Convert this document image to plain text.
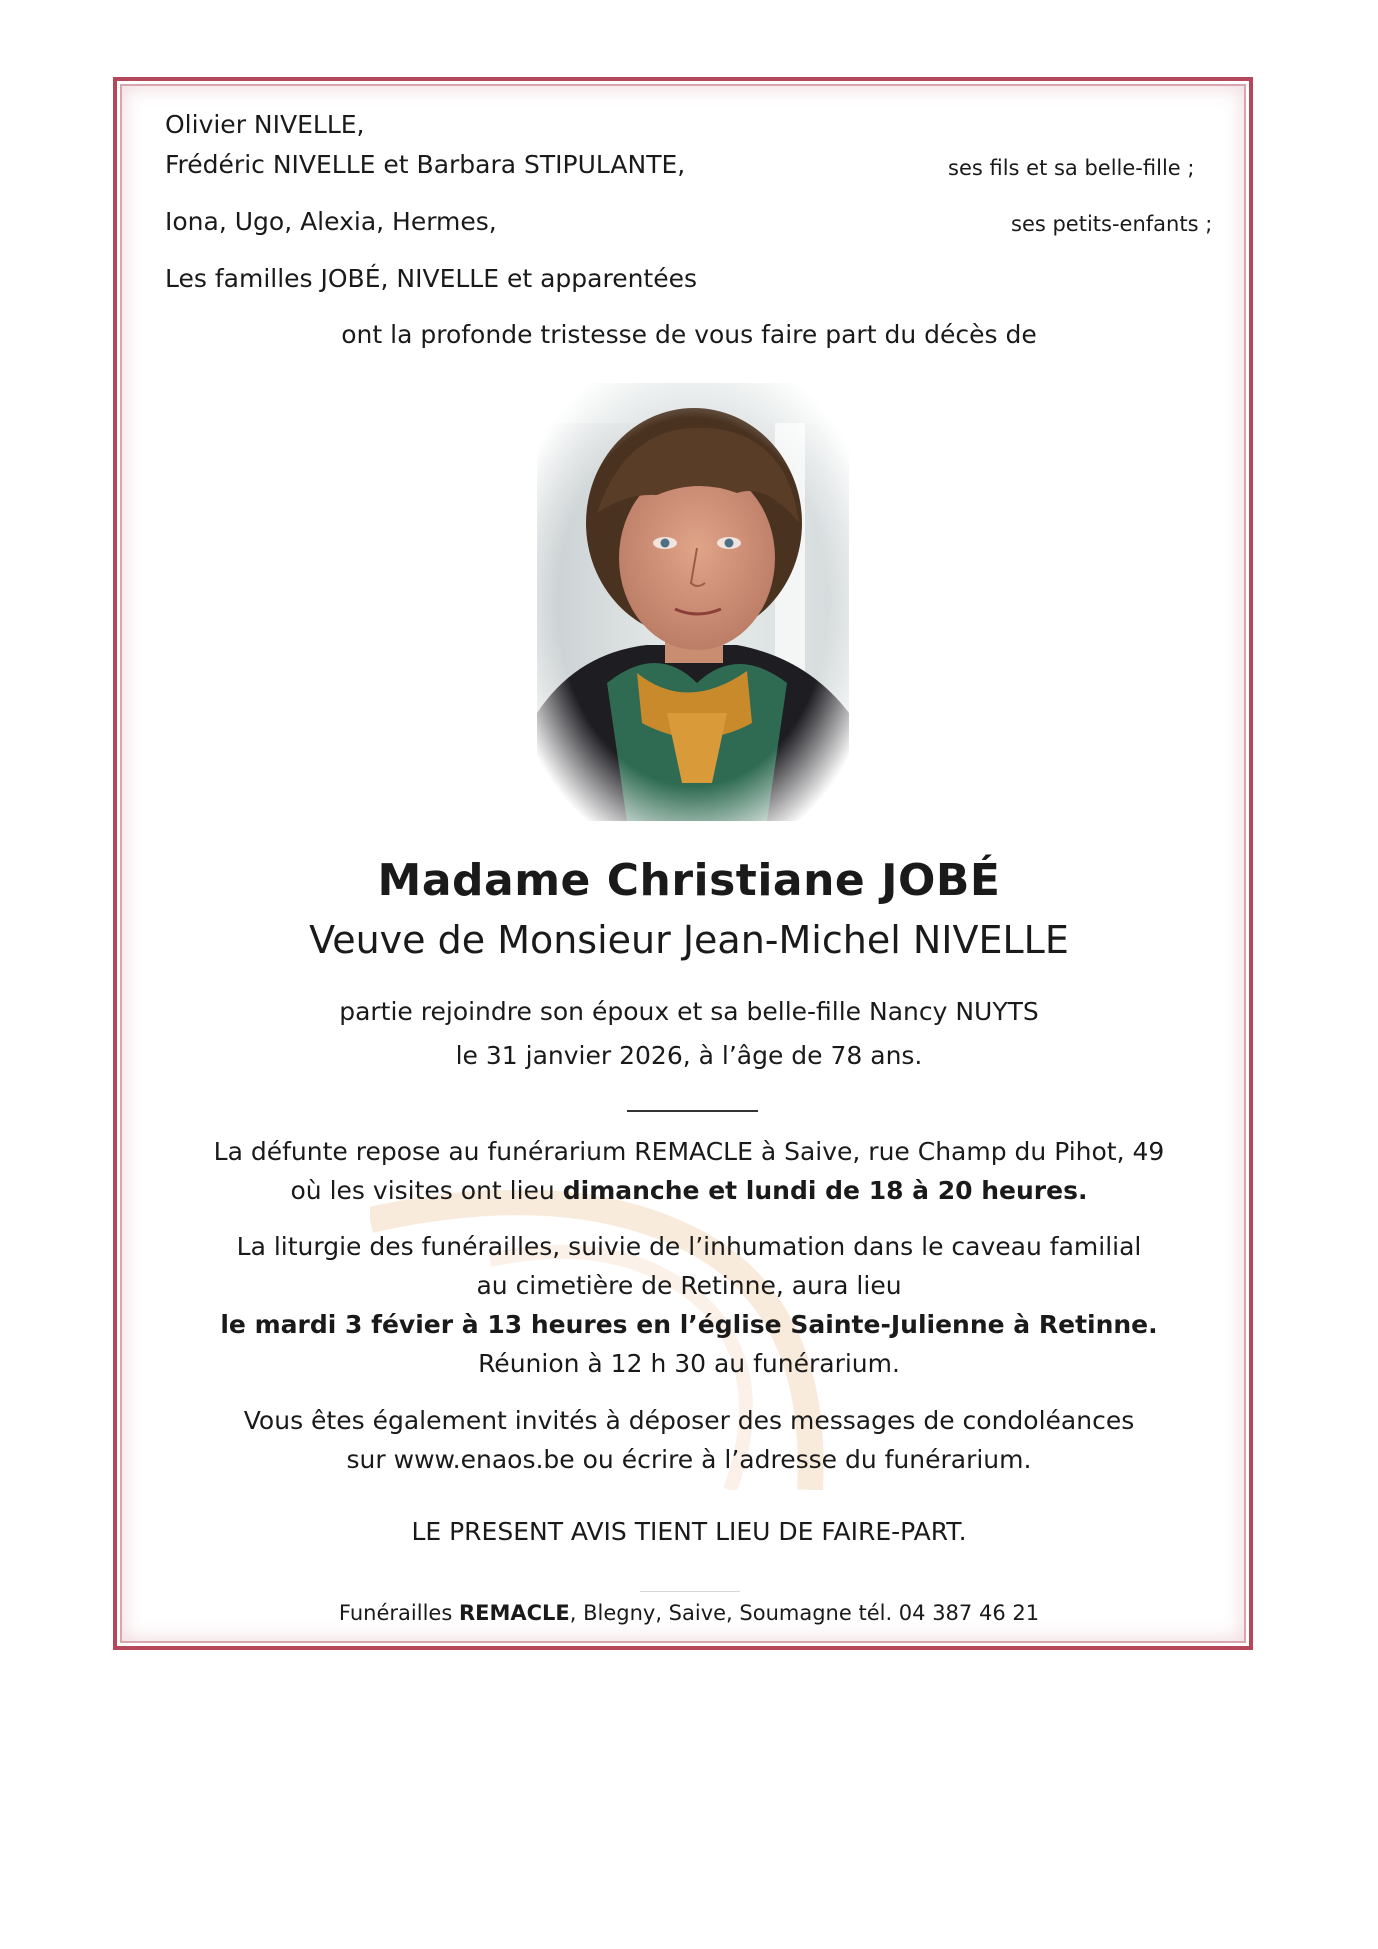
Olivier NIVELLE,
Frédéric NIVELLE et Barbara STIPULANTE,	ses fils et sa belle-fille ;
Iona, Ugo, Alexia, Hermes,	ses petits-enfants ;
Les familles JOBÉ, NIVELLE et apparentées
ont la profonde tristesse de vous faire part du décès de
Madame Christiane JOBÉ
Veuve de Monsieur Jean-Michel NIVELLE
partie rejoindre son époux et sa belle-fille Nancy NUYTS
le 31 janvier 2026, à l’âge de 78 ans.
La défunte repose au funérarium REMACLE à Saive, rue Champ du Pihot, 49
où les visites ont lieu dimanche et lundi de 18 à 20 heures.
La liturgie des funérailles, suivie de l’inhumation dans le caveau familial
au cimetière de Retinne, aura lieu
le mardi 3 févier à 13 heures en l’église Sainte-Julienne à Retinne.
Réunion à 12 h 30 au funérarium.
Vous êtes également invités à déposer des messages de condoléances
sur www.enaos.be ou écrire à l’adresse du funérarium.
LE PRESENT AVIS TIENT LIEU DE FAIRE-PART.
Funérailles REMACLE, Blegny, Saive, Soumagne tél. 04 387 46 21
